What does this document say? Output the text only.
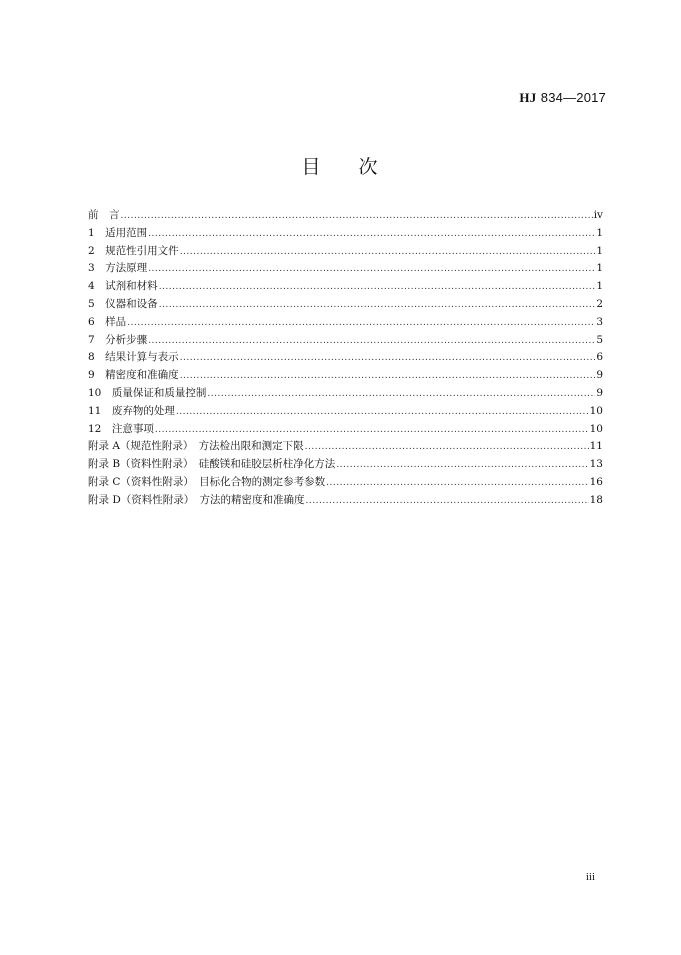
HJ 834—2017
目 次
前　言 .....	iv
1　适用范围 .....	1
2　规范性引用文件 .....	1
3　方法原理 .....	1
4　试剂和材料 .....	1
5　仪器和设备 .....	2
6　样品 .....	3
7　分析步骤 .....	5
8　结果计算与表示 .....	6
9　精密度和准确度 .....	9
10　质量保证和质量控制 .....	9
11　废弃物的处理 .....	10
12　注意事项 .....	10
附录 A（规范性附录）　方法检出限和测定下限 .....	11
附录 B（资料性附录）　硅酸镁和硅胶层析柱净化方法 .....	13
附录 C（资料性附录）　目标化合物的测定参考参数 .....	16
附录 D（资料性附录）　方法的精密度和准确度 .....	18
iii
